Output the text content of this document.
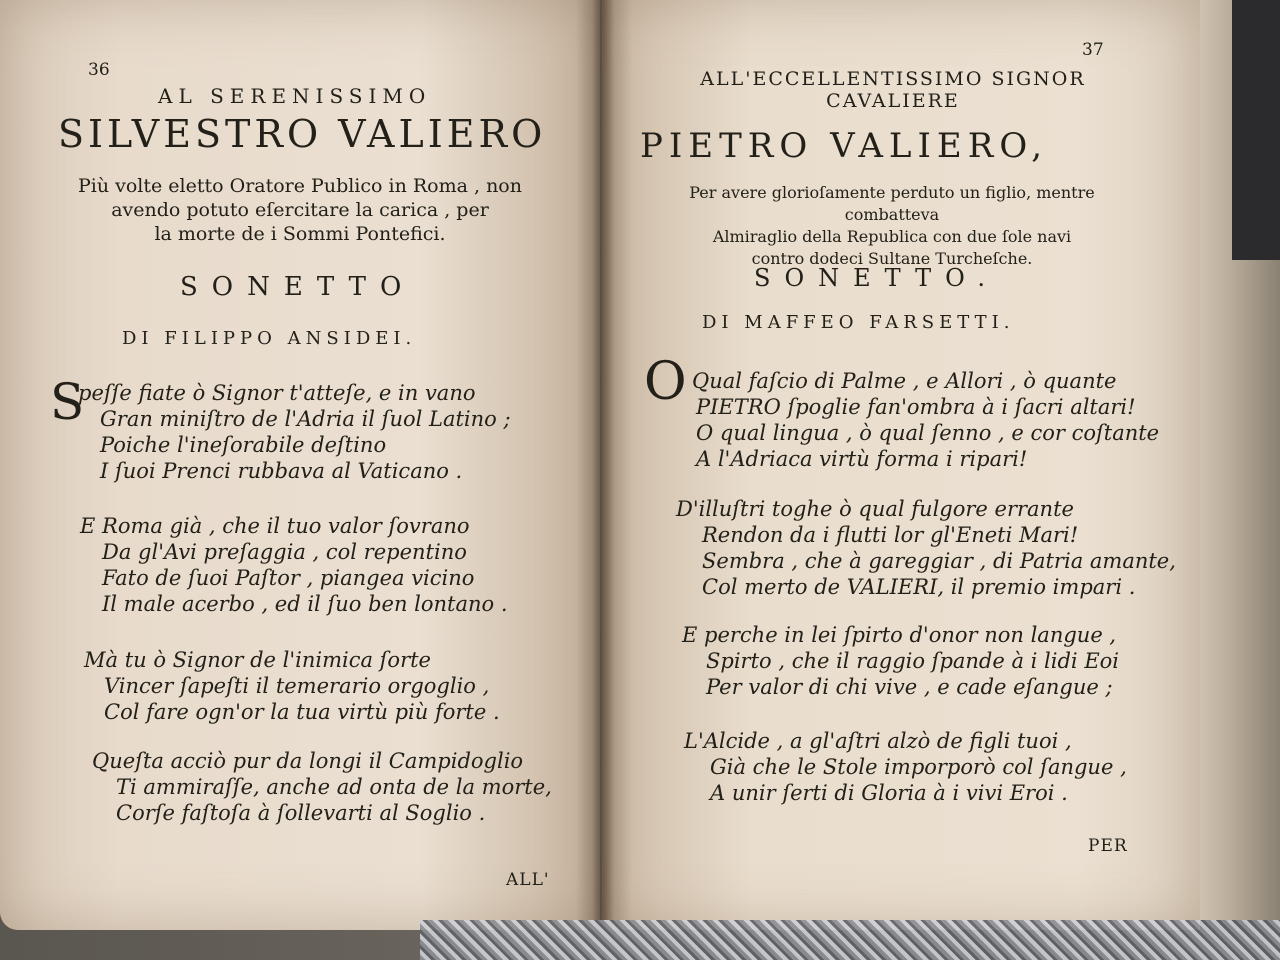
36
AL SERENISSIMO
SILVESTRO VALIERO
Più volte eletto Oratore Publico in Roma , non
avendo potuto eſercitare la carica , per
la morte de i Sommi Pontefici.
SONETTO
DI FILIPPO ANSIDEI.
S
peſſe fiate ò Signor t'atteſe, e in vano
Gran miniſtro de l'Adria il ſuol Latino ;
Poiche l'ineſorabile deſtino
I ſuoi Prenci rubbava al Vaticano .
E Roma già , che il tuo valor ſovrano
Da gl'Avi preſaggia , col repentino
Fato de ſuoi Paſtor , piangea vicino
Il male acerbo , ed il ſuo ben lontano .
Mà tu ò Signor de l'inimica ſorte
Vincer ſapeſti il temerario orgoglio ,
Col fare ogn'or la tua virtù più forte .
Queſta acciò pur da longi il Campidoglio
Ti ammiraſſe, anche ad onta de la morte,
Corſe faſtoſa à ſollevarti al Soglio .
ALL'
37
ALL'ECCELLENTISSIMO SIGNOR
CAVALIERE
PIETRO VALIERO,
Per avere glorioſamente perduto un figlio, mentre combatteva
Almiraglio della Republica con due ſole navi
contro dodeci Sultane Turcheſche.
SONETTO.
DI MAFFEO FARSETTI.
O Qual faſcio di Palme , e Allori , ò quante
PIETRO ſpoglie fan'ombra à i ſacri altari!
O qual lingua , ò qual ſenno , e cor coſtante
A l'Adriaca virtù forma i ripari!
D'illuſtri toghe ò qual fulgore errante
Rendon da i flutti lor gl'Eneti Mari!
Sembra , che à gareggiar , di Patria amante,
Col merto de VALIERI, il premio impari .
E perche in lei ſpirto d'onor non langue ,
Spirto , che il raggio ſpande à i lidi Eoi
Per valor di chi vive , e cade eſangue ;
L'Alcide , a gl'aſtri alzò de figli tuoi ,
Già che le Stole imporporò col ſangue ,
A unir ſerti di Gloria à i vivi Eroi .
PER
